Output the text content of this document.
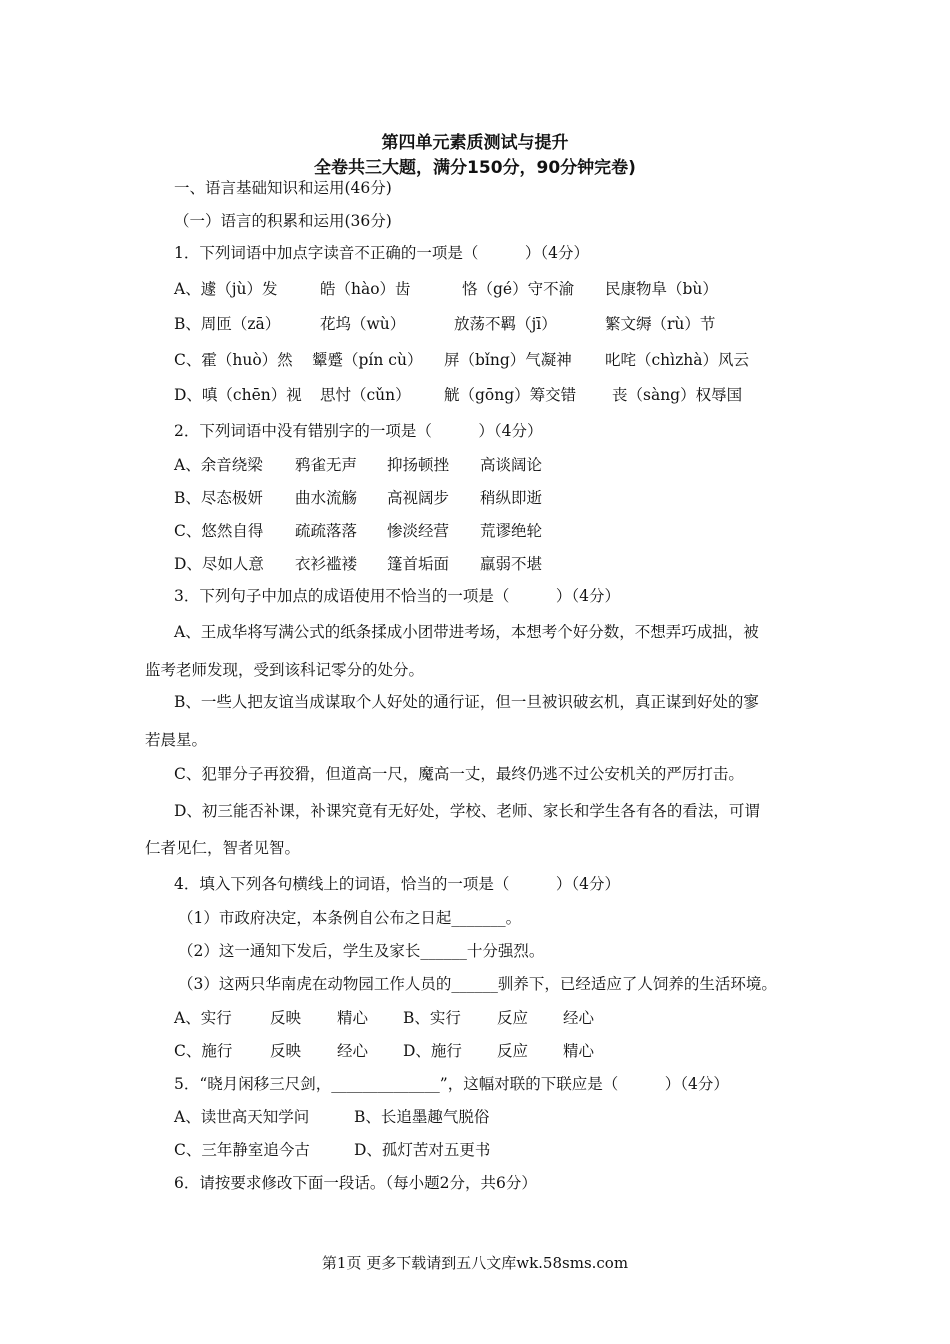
第四单元素质测试与提升
全卷共三大题，满分150分，90分钟完卷)
一、语言基础知识和运用(46分)
（一）语言的积累和运用(36分)
1．下列词语中加点字读音不正确的一项是（　　　）（4分）
A、遽（jù）发	皓（hào）齿	恪（gé）守不渝 民康物阜（bù）
B、周匝（zā）	花坞（wù）	放荡不羁（jī）	繁文缛（rù）节
C、霍（huò）然 颦蹙（pín cù） 屏（bǐng）气凝神 叱咤（chìzhà）风云
D、嗔（chēn）视 思忖（cǔn） 觥（gōng）筹交错 丧（sàng）权辱国
2．下列词语中没有错别字的一项是（　　　）（4分）
A、余音绕梁 鸦雀无声 抑扬顿挫 高谈阔论
B、尽态极妍 曲水流觞 高视阔步 稍纵即逝
C、悠然自得 疏疏落落 惨淡经营 荒谬绝轮
D、尽如人意 衣衫褴褛 篷首垢面 羸弱不堪
3．下列句子中加点的成语使用不恰当的一项是（　　　）（4分）
A、王成华将写满公式的纸条揉成小团带进考场，本想考个好分数，不想弄巧成拙，被
监考老师发现，受到该科记零分的处分。
B、一些人把友谊当成谋取个人好处的通行证，但一旦被识破玄机，真正谋到好处的寥
若晨星。
C、犯罪分子再狡猾，但道高一尺，魔高一丈，最终仍逃不过公安机关的严厉打击。
D、初三能否补课，补课究竟有无好处，学校、老师、家长和学生各有各的看法，可谓
仁者见仁，智者见智。
4．填入下列各句横线上的词语，恰当的一项是（　　　）（4分）
（1）市政府决定，本条例自公布之日起_______。
（2）这一通知下发后，学生及家长______十分强烈。
（3）这两只华南虎在动物园工作人员的______驯养下，已经适应了人饲养的生活环境。
A、实行 反映 精心 B、实行 反应 经心
C、施行 反映 经心 D、施行 反应 精心
5．“晓月闲移三尺剑，______________”，这幅对联的下联应是（　　　）（4分）
A、读世高天知学问	B、长追墨趣气脱俗
C、三年静室追今古	D、孤灯苦对五更书
6．请按要求修改下面一段话。（每小题2分，共6分）
第1页 更多下载请到五八文库wk.58sms.com
